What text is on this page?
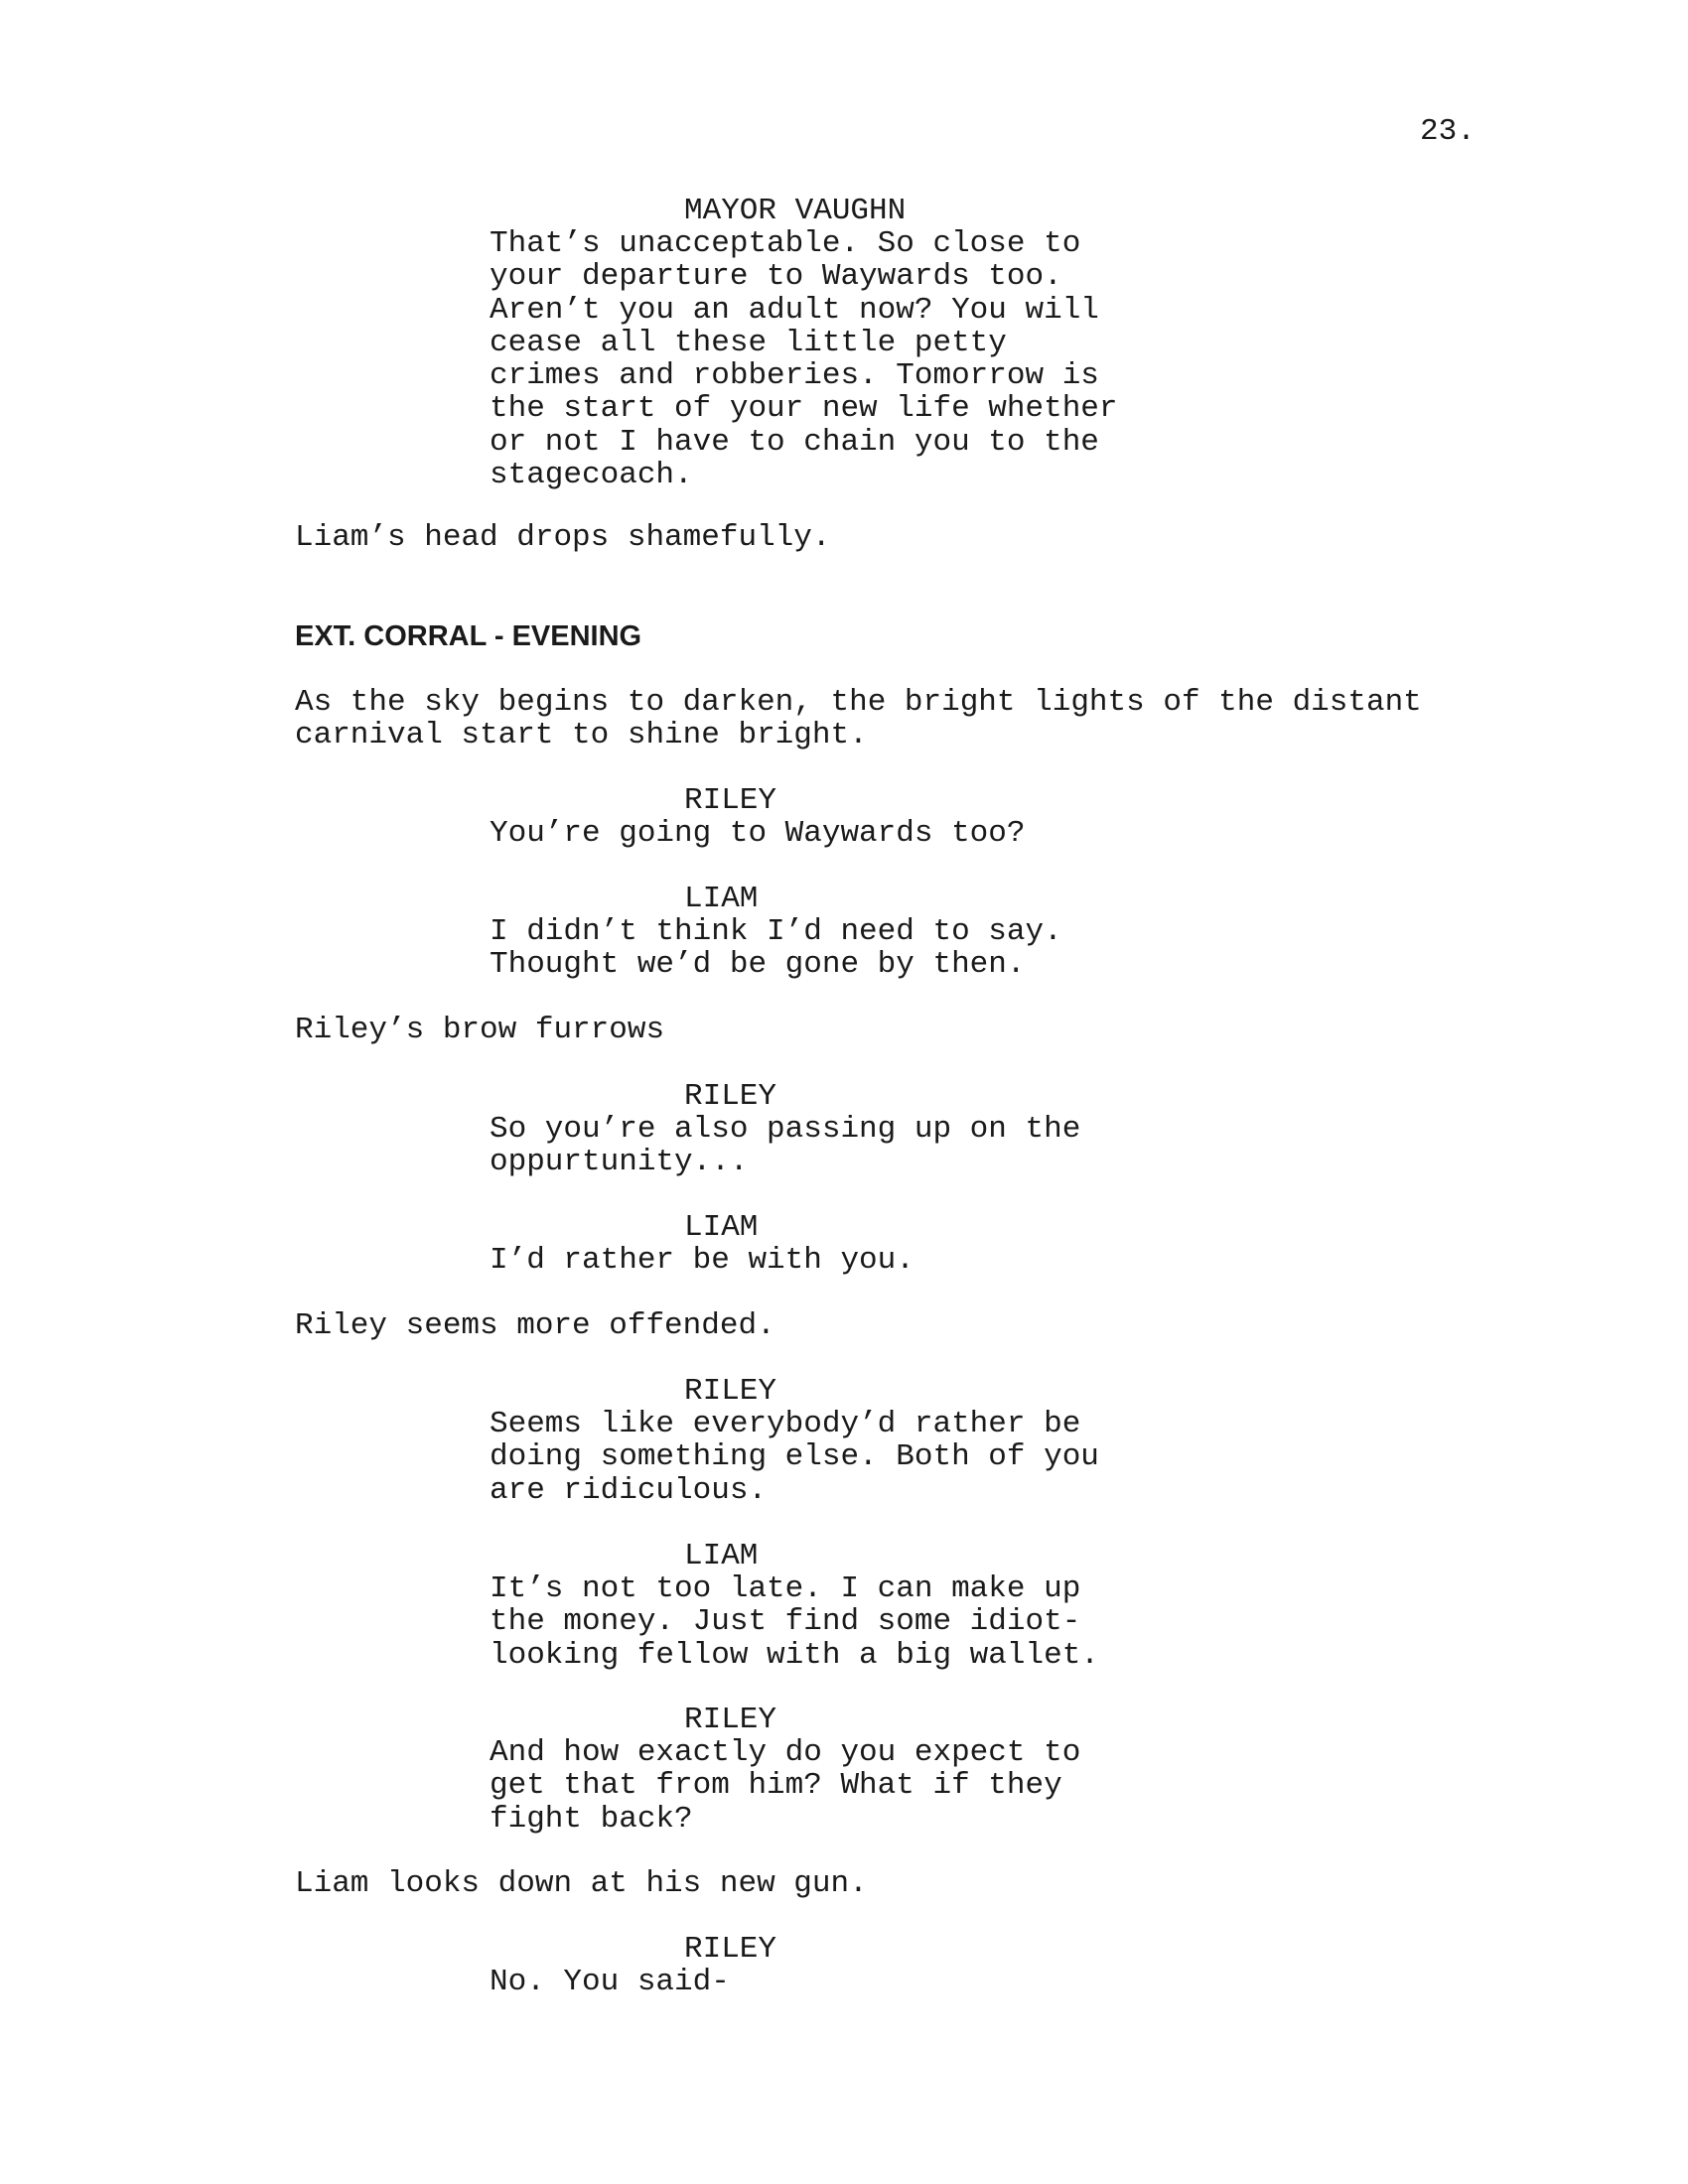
23.

MAYOR VAUGHN

That’s unacceptable. So close to
your departure to Waywards too.
Aren’t you an adult now? You will
cease all these little petty
crimes and robberies. Tomorrow is
the start of your new life whether
or not I have to chain you to the
stagecoach.

Liam’s head drops shamefully.

EXT. CORRAL - EVENING

As the sky begins to darken, the bright lights of the distant
carnival start to shine bright.

RILEY

You’re going to Waywards too?

LIAM

I didn’t think I’d need to say.
Thought we’d be gone by then.

Riley’s brow furrows

RILEY

So you’re also passing up on the
oppurtunity...

LIAM

I’d rather be with you.

Riley seems more offended.

RILEY

Seems like everybody’d rather be
doing something else. Both of you
are ridiculous.

LIAM

It’s not too late. I can make up
the money. Just find some idiot-
looking fellow with a big wallet.

RILEY

And how exactly do you expect to
get that from him? What if they
fight back?

Liam looks down at his new gun.

RILEY

No. You said-
